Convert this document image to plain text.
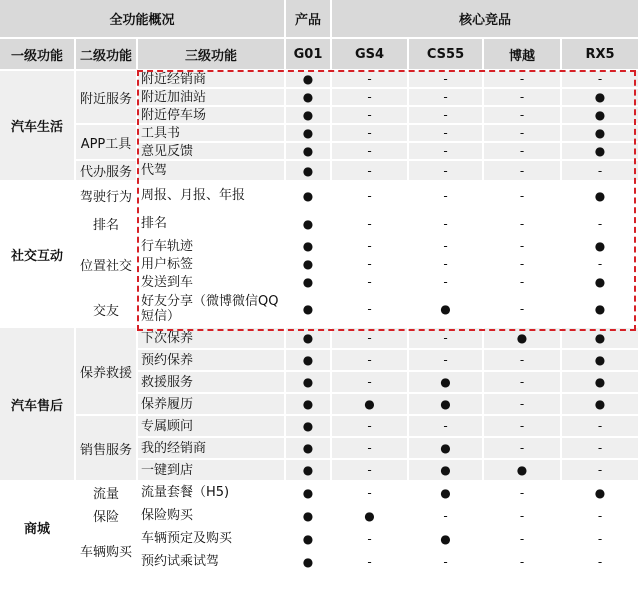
全功能概况			产品	核心竞品			
一级功能	二级功能	三级功能	G01	GS4	CS55	博越	RX5
汽车生活	附近服务	附近经销商	●	-	-	-	-
		附近加油站	●	-	-	-	●
		附近停车场	●	-	-	-	●
	APP工具	工具书	●	-	-	-	●
		意见反馈	●	-	-	-	●
	代办服务	代驾	●	-	-	-	-
社交互动	驾驶行为	周报、月报、年报	●	-	-	-	●
	排名	排名	●	-	-	-	-
	位置社交	行车轨迹	●	-	-	-	●
		用户标签	●	-	-	-	-
		发送到车	●	-	-	-	●
	交友	好友分享（微博微信QQ短信）	●	-	●	-	●
汽车售后	保养救援	下次保养	●	-	-	●	●
		预约保养	●	-	-	-	●
		救援服务	●	-	●	-	●
		保养履历	●	●	●	-	●
	销售服务	专属顾问	●	-	-	-	-
		我的经销商	●	-	●	-	-
		一键到店	●	-	●	●	-
商城	流量	流量套餐（H5)	●	-	●	-	●
	保险	保险购买	●	●	-	-	-
	车辆购买	车辆预定及购买	●	-	●	-	-
		预约试乘试驾	●	-	-	-	-
